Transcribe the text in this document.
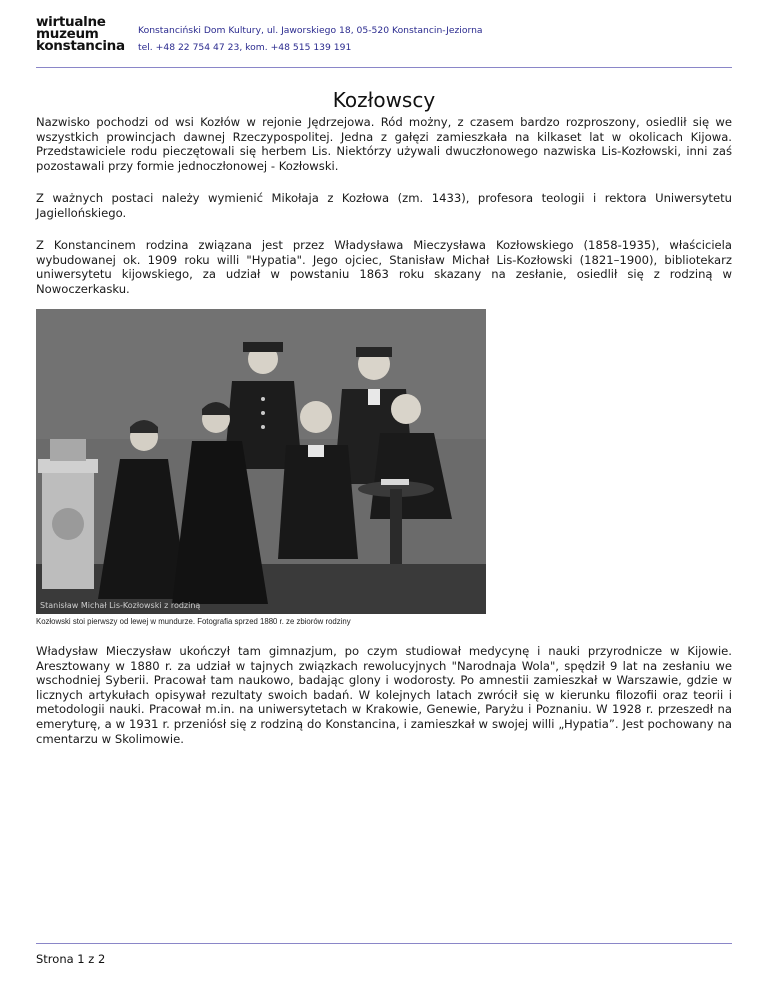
wirtualne
muzeum
konstancina
Konstanciński Dom Kultury, ul. Jaworskiego 18, 05-520 Konstancin-Jeziorna
tel. +48 22 754 47 23, kom. +48 515 139 191
Kozłowscy

Nazwisko pochodzi od wsi Kozłów w rejonie Jędrzejowa. Ród możny, z czasem bardzo rozproszony, osiedlił się we wszystkich prowincjach dawnej Rzeczypospolitej. Jedna z gałęzi zamieszkała na kilkaset lat w okolicach Kijowa. Przedstawiciele rodu pieczętowali się herbem Lis. Niektórzy używali dwuczłonowego nazwiska Lis-Kozłowski, inni zaś pozostawali przy formie jednoczłonowej - Kozłowski.

Z ważnych postaci należy wymienić Mikołaja z Kozłowa (zm. 1433), profesora teologii i rektora Uniwersytetu Jagiellońskiego.

Z Konstancinem rodzina związana jest przez Władysława Mieczysława Kozłowskiego (1858-1935), właściciela wybudowanej ok. 1909 roku willi "Hypatia". Jego ojciec, Stanisław Michał Lis-Kozłowski (1821–1900), bibliotekarz uniwersytetu kijowskiego, za udział w powstaniu 1863 roku skazany na zesłanie, osiedlił się z rodziną w Nowoczerkasku.

Stanisław Michał Lis-Kozłowski z rodziną
Kozłowski stoi pierwszy od lewej w mundurze. Fotografia sprzed 1880 r. ze zbiorów rodziny

Władysław Mieczysław ukończył tam gimnazjum, po czym studiował medycynę i nauki przyrodnicze w Kijowie. Aresztowany w 1880 r. za udział w tajnych związkach rewolucyjnych "Narodnaja Wola", spędził 9 lat na zesłaniu we wschodniej Syberii. Pracował tam naukowo, badając glony i wodorosty. Po amnestii zamieszkał w Warszawie, gdzie w licznych artykułach opisywał rezultaty swoich badań. W kolejnych latach zwrócił się w kierunku filozofii oraz teorii i metodologii nauki. Pracował m.in. na uniwersytetach w Krakowie, Genewie, Paryżu i Poznaniu. W 1928 r. przeszedł na emeryturę, a w 1931 r. przeniósł się z rodziną do Konstancina, i zamieszkał w swojej willi „Hypatia”. Jest pochowany na cmentarzu w Skolimowie.

Strona 1 z 2
